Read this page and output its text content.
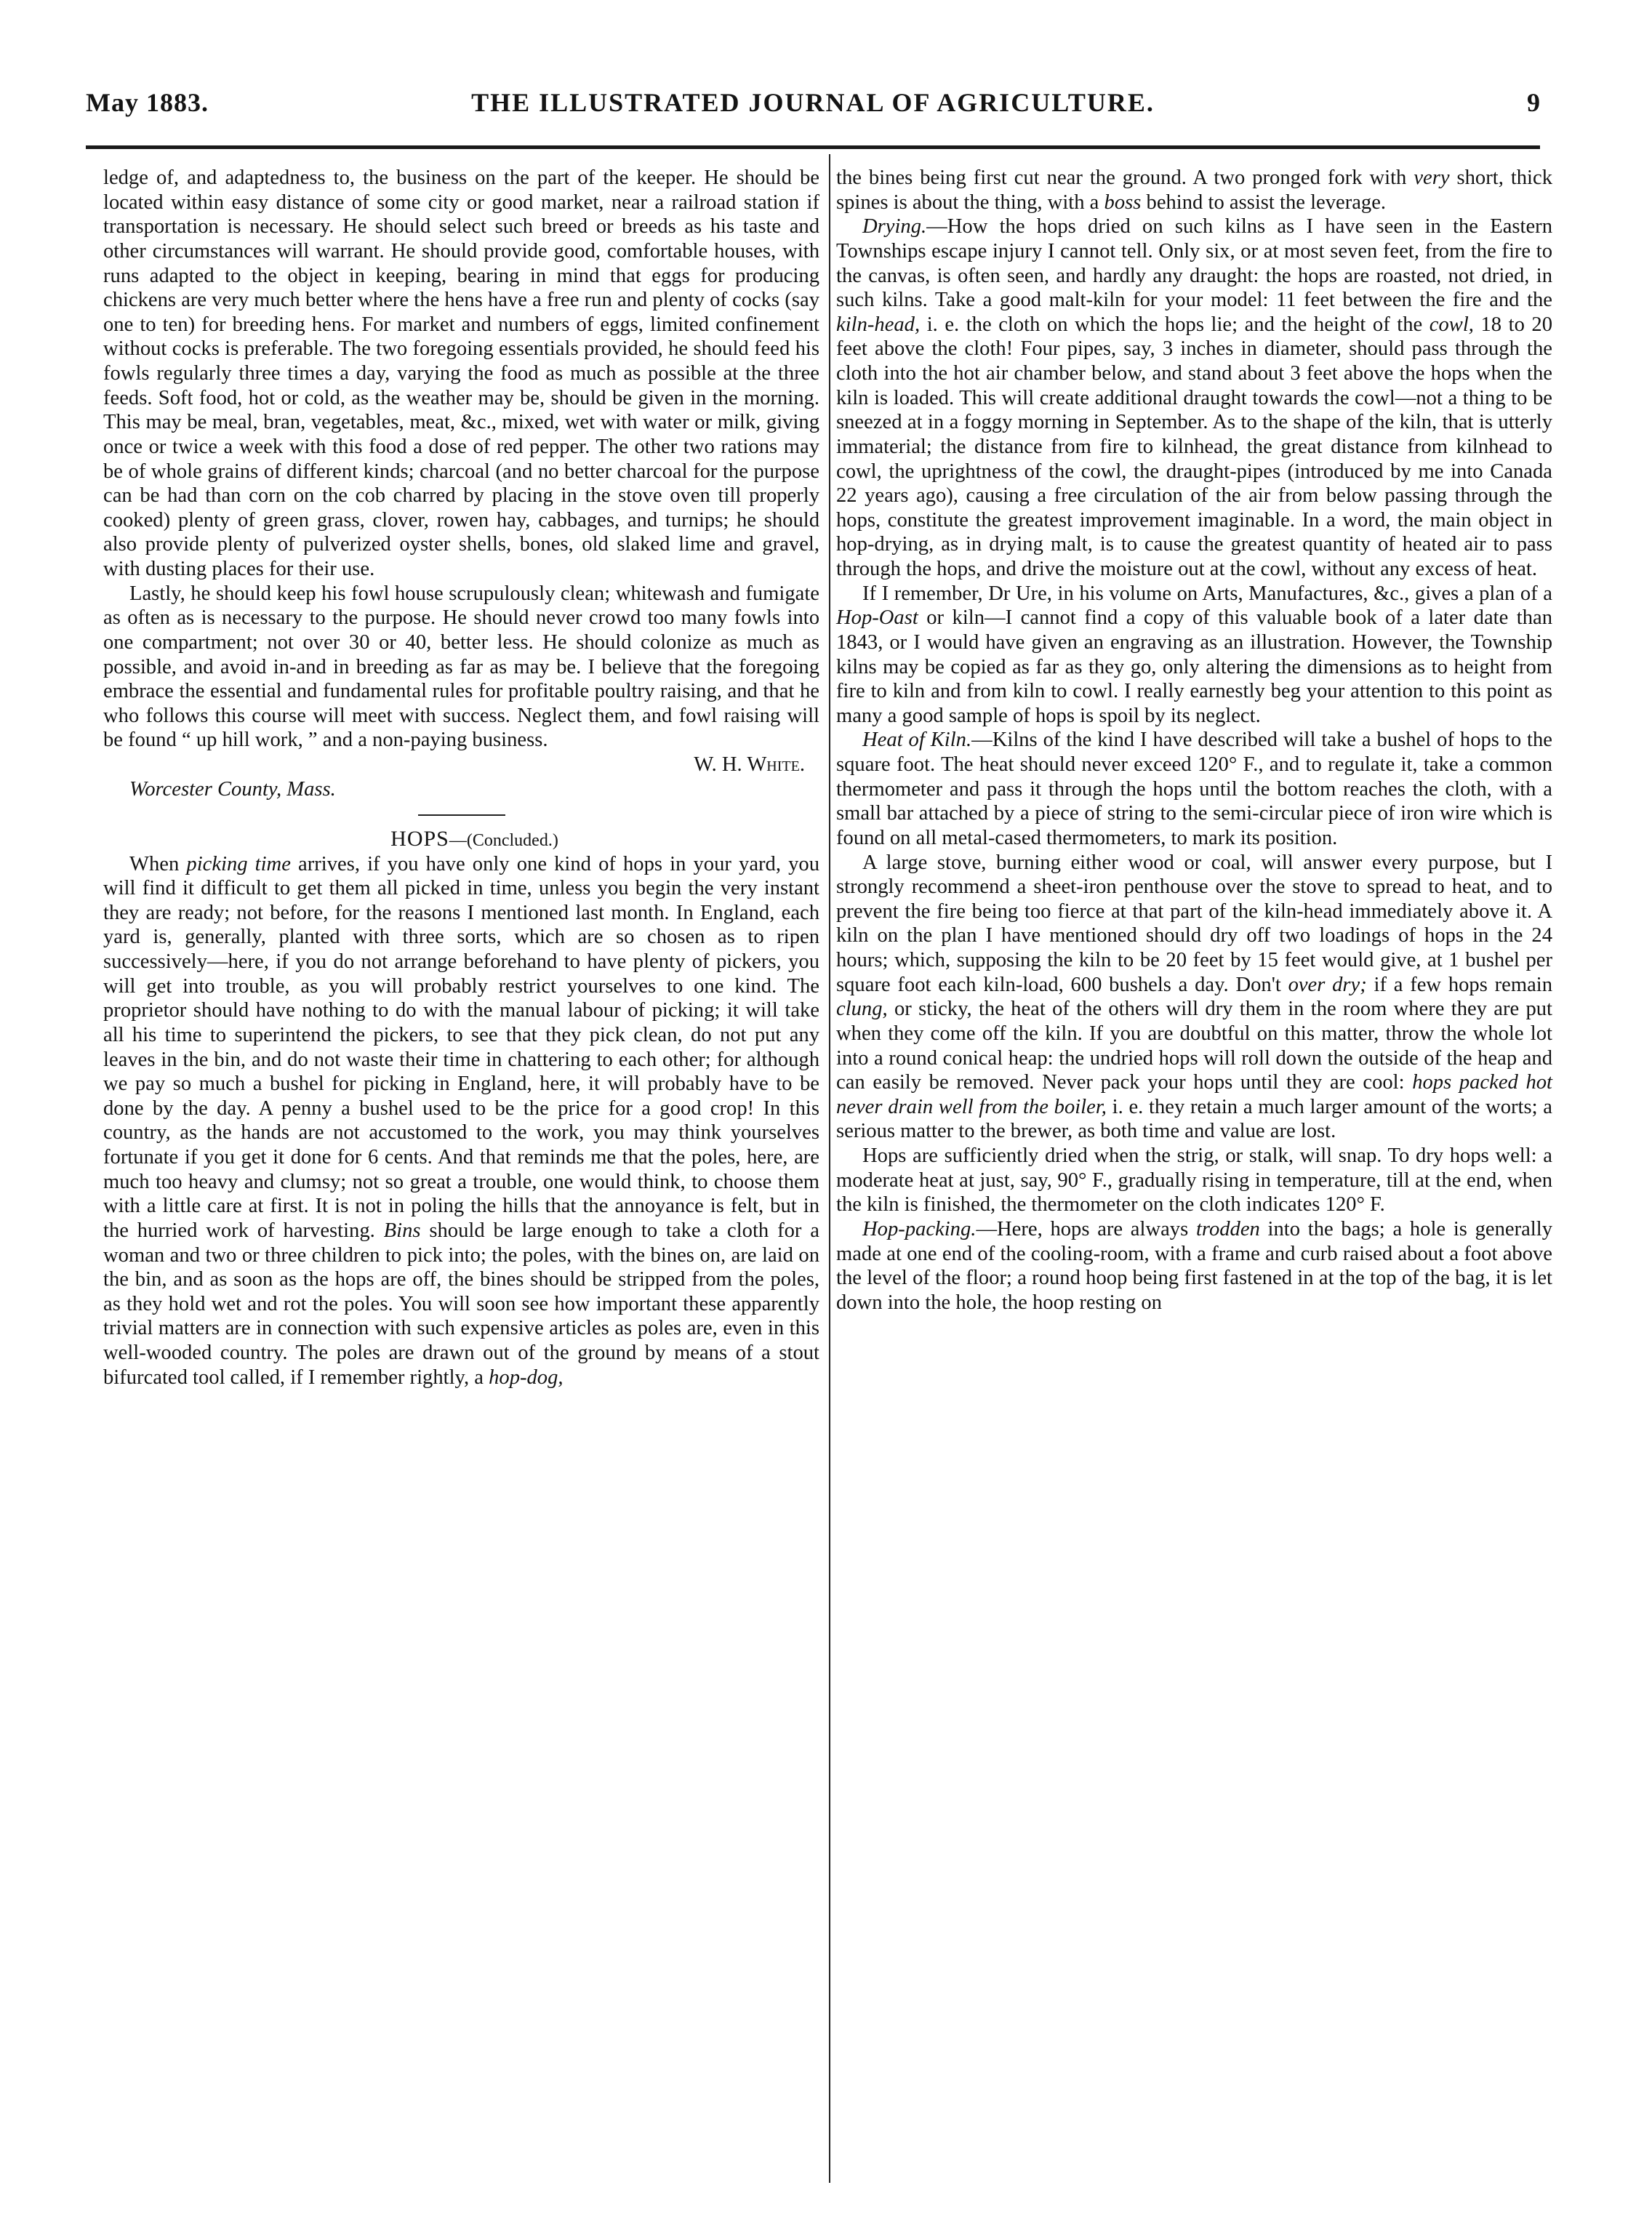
May 1883.	THE ILLUSTRATED JOURNAL OF AGRICULTURE.	9

ledge of, and adaptedness to, the business on the part of the keeper. He should be located within easy distance of some city or good market, near a railroad station if transportation is necessary. He should select such breed or breeds as his taste and other circumstances will warrant. He should provide good, comfortable houses, with runs adapted to the object in keeping, bearing in mind that eggs for producing chickens are very much better where the hens have a free run and plenty of cocks (say one to ten) for breeding hens. For market and numbers of eggs, limited confinement without cocks is preferable. The two foregoing essentials provided, he should feed his fowls regularly three times a day, varying the food as much as possible at the three feeds. Soft food, hot or cold, as the weather may be, should be given in the morning. This may be meal, bran, vegetables, meat, &c., mixed, wet with water or milk, giving once or twice a week with this food a dose of red pepper. The other two rations may be of whole grains of different kinds; charcoal (and no better charcoal for the purpose can be had than corn on the cob charred by placing in the stove oven till properly cooked) plenty of green grass, clover, rowen hay, cabbages, and turnips; he should also provide plenty of pulverized oyster shells, bones, old slaked lime and gravel, with dusting places for their use.

Lastly, he should keep his fowl house scrupulously clean; whitewash and fumigate as often as is necessary to the purpose. He should never crowd too many fowls into one compartment; not over 30 or 40, better less. He should colonize as much as possible, and avoid in-and in breeding as far as may be. I believe that the foregoing embrace the essential and fundamental rules for profitable poultry raising, and that he who follows this course will meet with success. Neglect them, and fowl raising will be found “ up hill work, ” and a non-paying business.

W. H. White.

Worcester County, Mass.

HOPS—(Concluded.)

When picking time arrives, if you have only one kind of hops in your yard, you will find it difficult to get them all picked in time, unless you begin the very instant they are ready; not before, for the reasons I mentioned last month. In England, each yard is, generally, planted with three sorts, which are so chosen as to ripen successively—here, if you do not arrange beforehand to have plenty of pickers, you will get into trouble, as you will probably restrict yourselves to one kind. The proprietor should have nothing to do with the manual labour of picking; it will take all his time to superintend the pickers, to see that they pick clean, do not put any leaves in the bin, and do not waste their time in chattering to each other; for although we pay so much a bushel for picking in England, here, it will probably have to be done by the day. A penny a bushel used to be the price for a good crop! In this country, as the hands are not accustomed to the work, you may think yourselves fortunate if you get it done for 6 cents. And that reminds me that the poles, here, are much too heavy and clumsy; not so great a trouble, one would think, to choose them with a little care at first. It is not in poling the hills that the annoyance is felt, but in the hurried work of harvesting. Bins should be large enough to take a cloth for a woman and two or three children to pick into; the poles, with the bines on, are laid on the bin, and as soon as the hops are off, the bines should be stripped from the poles, as they hold wet and rot the poles. You will soon see how important these apparently trivial matters are in connection with such expensive articles as poles are, even in this well-wooded country. The poles are drawn out of the ground by means of a stout bifurcated tool called, if I remember rightly, a hop-dog,

the bines being first cut near the ground. A two pronged fork with very short, thick spines is about the thing, with a boss behind to assist the leverage.

Drying.—How the hops dried on such kilns as I have seen in the Eastern Townships escape injury I cannot tell. Only six, or at most seven feet, from the fire to the canvas, is often seen, and hardly any draught: the hops are roasted, not dried, in such kilns. Take a good malt-kiln for your model: 11 feet between the fire and the kiln-head, i. e. the cloth on which the hops lie; and the height of the cowl, 18 to 20 feet above the cloth! Four pipes, say, 3 inches in diameter, should pass through the cloth into the hot air chamber below, and stand about 3 feet above the hops when the kiln is loaded. This will create additional draught towards the cowl—not a thing to be sneezed at in a foggy morning in September. As to the shape of the kiln, that is utterly immaterial; the distance from fire to kilnhead, the great distance from kilnhead to cowl, the uprightness of the cowl, the draught-pipes (introduced by me into Canada 22 years ago), causing a free circulation of the air from below passing through the hops, constitute the greatest improvement imaginable. In a word, the main object in hop-drying, as in drying malt, is to cause the greatest quantity of heated air to pass through the hops, and drive the moisture out at the cowl, without any excess of heat.

If I remember, Dr Ure, in his volume on Arts, Manufactures, &c., gives a plan of a Hop-Oast or kiln—I cannot find a copy of this valuable book of a later date than 1843, or I would have given an engraving as an illustration. However, the Township kilns may be copied as far as they go, only altering the dimensions as to height from fire to kiln and from kiln to cowl. I really earnestly beg your attention to this point as many a good sample of hops is spoil by its neglect.

Heat of Kiln.—Kilns of the kind I have described will take a bushel of hops to the square foot. The heat should never exceed 120° F., and to regulate it, take a common thermometer and pass it through the hops until the bottom reaches the cloth, with a small bar attached by a piece of string to the semi-circular piece of iron wire which is found on all metal-cased thermometers, to mark its position.

A large stove, burning either wood or coal, will answer every purpose, but I strongly recommend a sheet-iron penthouse over the stove to spread to heat, and to prevent the fire being too fierce at that part of the kiln-head immediately above it. A kiln on the plan I have mentioned should dry off two loadings of hops in the 24 hours; which, supposing the kiln to be 20 feet by 15 feet would give, at 1 bushel per square foot each kiln-load, 600 bushels a day. Don't over dry; if a few hops remain clung, or sticky, the heat of the others will dry them in the room where they are put when they come off the kiln. If you are doubtful on this matter, throw the whole lot into a round conical heap: the undried hops will roll down the outside of the heap and can easily be removed. Never pack your hops until they are cool: hops packed hot never drain well from the boiler, i. e. they retain a much larger amount of the worts; a serious matter to the brewer, as both time and value are lost.

Hops are sufficiently dried when the strig, or stalk, will snap. To dry hops well: a moderate heat at just, say, 90° F., gradually rising in temperature, till at the end, when the kiln is finished, the thermometer on the cloth indicates 120° F.

Hop-packing.—Here, hops are always trodden into the bags; a hole is generally made at one end of the cooling-room, with a frame and curb raised about a foot above the level of the floor; a round hoop being first fastened in at the top of the bag, it is let down into the hole, the hoop resting on
